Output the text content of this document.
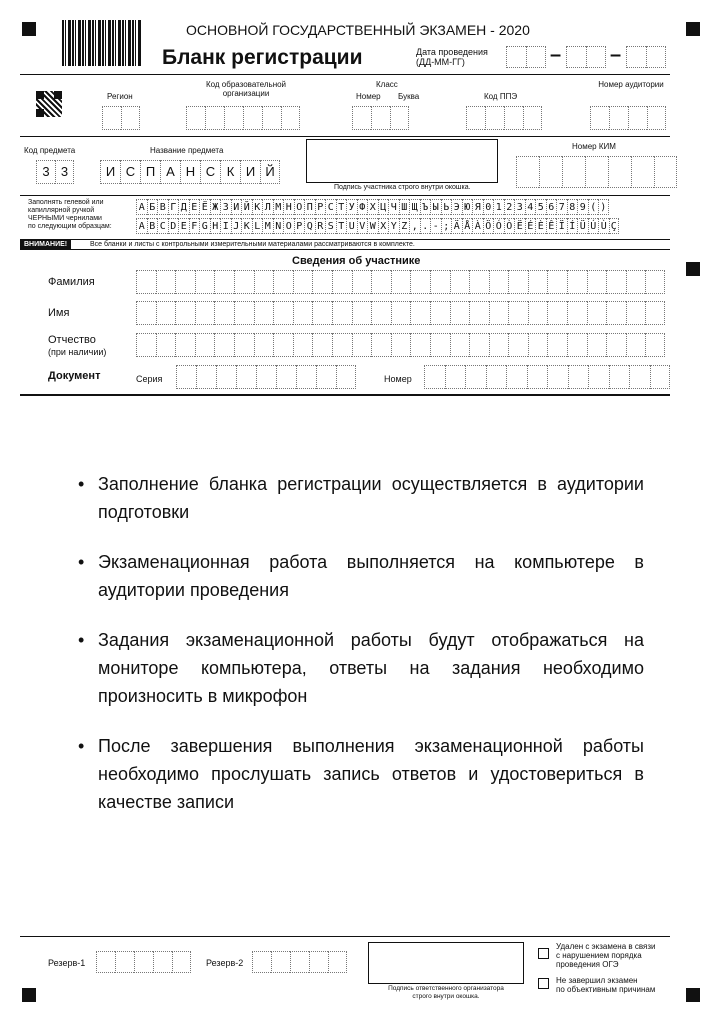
ОСНОВНОЙ ГОСУДАРСТВЕННЫЙ ЭКЗАМЕН - 2020
Бланк регистрации	Дата проведения
(ДД-ММ-ГГ)	– –
Регион
Код образовательной организации
Класс
Номер Буква	Код ППЭ
Номер аудитории
Код предмета
3 3
Название предмета
И С П А Н С К И Й
Подпись участника строго внутри окошка.
Номер КИМ
Заполнять гелевой или
капиллярной ручкой
ЧЕРНЫМИ чернилами
по следующим образцам:
А Б В Г Д Е Ё Ж З И Й К Л М Н О П Р С Т У Ф Х Ц Ч Ш Щ Ъ Ы Ь Э Ю Я 0 1 2 3 4 5 6 7 8 9 ( )
A B C D E F G H I J K L M N O P Q R S T U V W X Y Z , . - ; Ä Å À Ö Ó Ò Ë É È Ê Ï Í Ü Ú Ù Ç
ВНИМАНИЕ!	Все бланки и листы с контрольными измерительными материалами рассматриваются в комплекте.
Сведения об участнике
Фамилия
Имя
Отчество
(при наличии)
Документ	Серия	Номер
• Заполнение бланка регистрации осуществляется в аудитории подготовки
• Экзаменационная работа выполняется на компьютере в аудитории проведения
• Задания экзаменационной работы будут отображаться на мониторе компьютера, ответы на задания необходимо произносить в микрофон
• После завершения выполнения экзаменационной работы необходимо прослушать запись ответов и удостовериться в качестве записи
Резерв-1	Резерв-2
Подпись ответственного организатора
строго внутри окошка.
Удален с экзамена в связи
с нарушением порядка
проведения ОГЭ
Не завершил экзамен
по объективным причинам
